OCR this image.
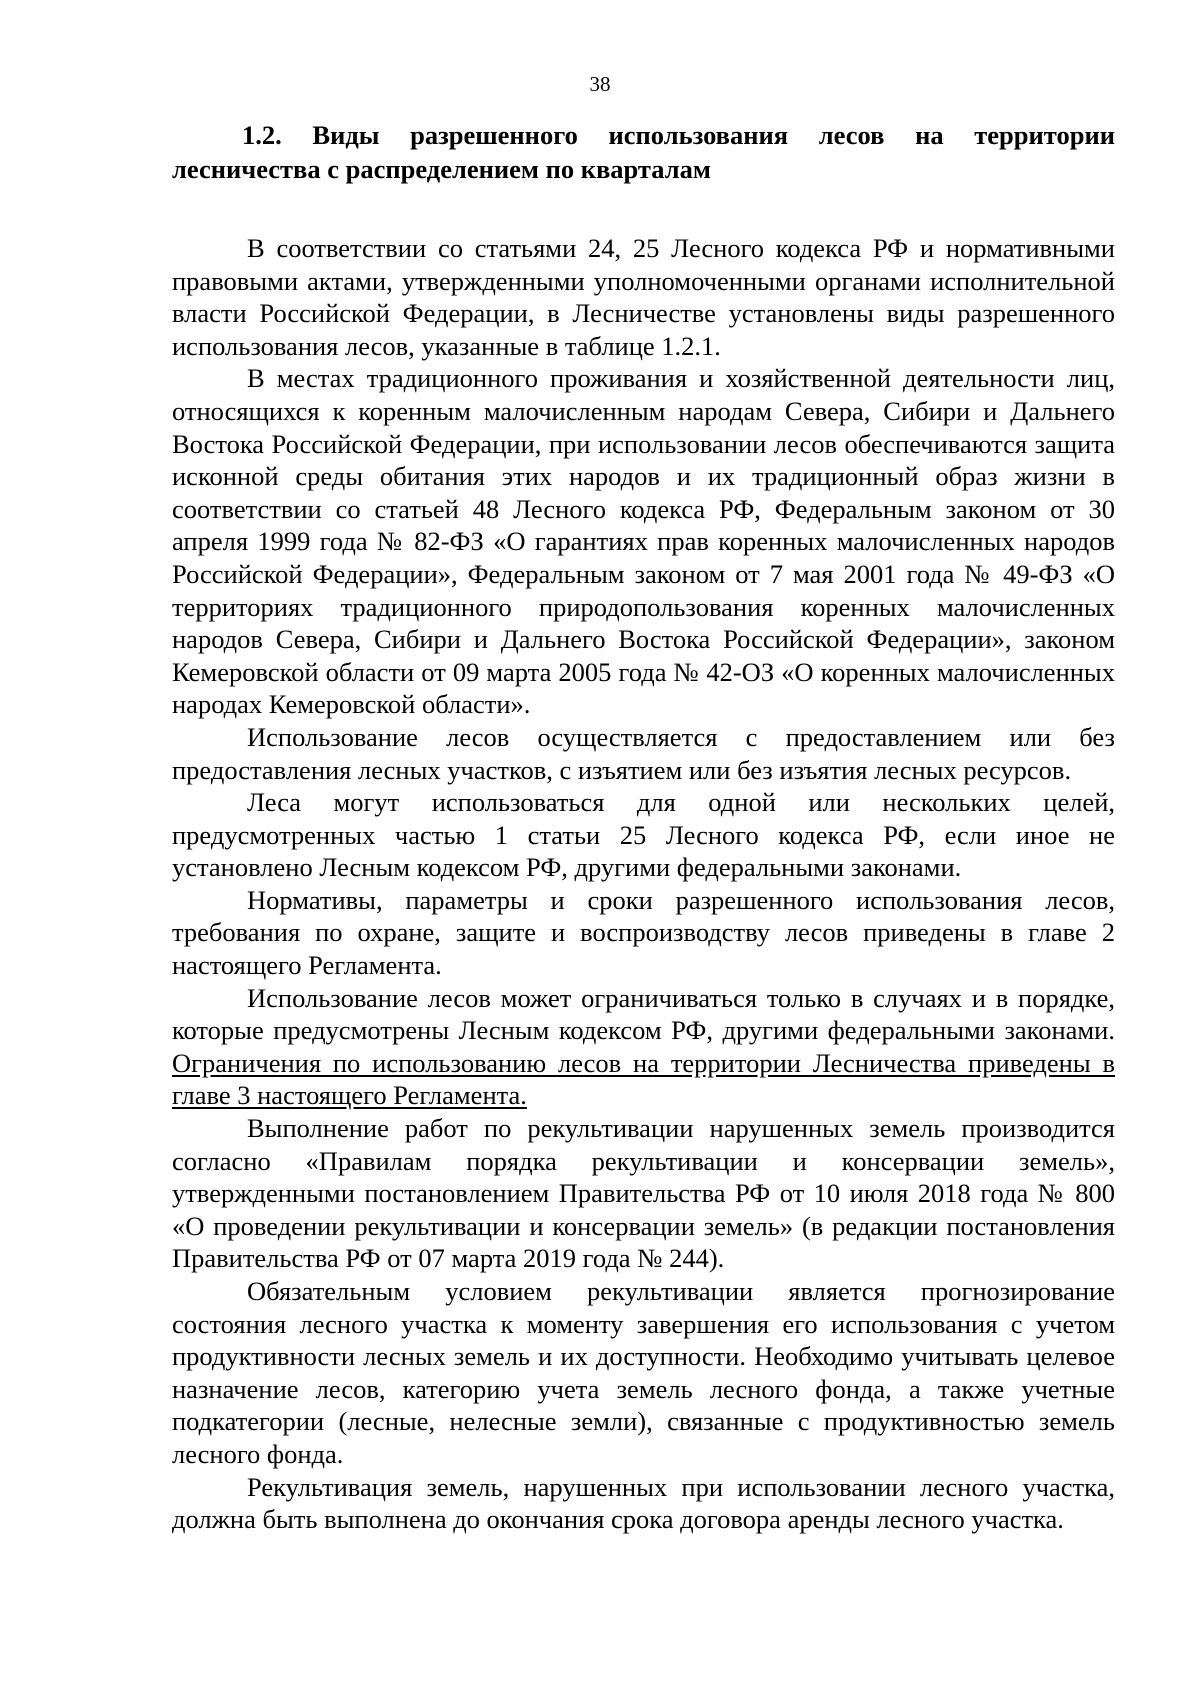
38
1.2. Виды разрешенного использования лесов на территории лесничества с распределением по кварталам

В соответствии со статьями 24, 25 Лесного кодекса РФ и нормативными правовыми актами, утвержденными уполномоченными органами исполнительной власти Российской Федерации, в Лесничестве установлены виды разрешенного использования лесов, указанные в таблице 1.2.1.

В местах традиционного проживания и хозяйственной деятельности лиц, относящихся к коренным малочисленным народам Севера, Сибири и Дальнего Востока Российской Федерации, при использовании лесов обеспечиваются защита исконной среды обитания этих народов и их традиционный образ жизни в соответствии со статьей 48 Лесного кодекса РФ, Федеральным законом от 30 апреля 1999 года № 82-ФЗ «О гарантиях прав коренных малочисленных народов Российской Федерации», Федеральным законом от 7 мая 2001 года № 49-ФЗ «О территориях традиционного природопользования коренных малочисленных народов Севера, Сибири и Дальнего Востока Российской Федерации», законом Кемеровской области от 09 марта 2005 года № 42-ОЗ «О коренных малочисленных народах Кемеровской области».

Использование лесов осуществляется с предоставлением или без предоставления лесных участков, с изъятием или без изъятия лесных ресурсов.

Леса могут использоваться для одной или нескольких целей, предусмотренных частью 1 статьи 25 Лесного кодекса РФ, если иное не установлено Лесным кодексом РФ, другими федеральными законами.

Нормативы, параметры и сроки разрешенного использования лесов, требования по охране, защите и воспроизводству лесов приведены в главе 2 настоящего Регламента.

Использование лесов может ограничиваться только в случаях и в порядке, которые предусмотрены Лесным кодексом РФ, другими федеральными законами. Ограничения по использованию лесов на территории Лесничества приведены в главе 3 настоящего Регламента.

Выполнение работ по рекультивации нарушенных земель производится согласно «Правилам порядка рекультивации и консервации земель», утвержденными постановлением Правительства РФ от 10 июля 2018 года № 800 «О проведении рекультивации и консервации земель» (в редакции постановления Правительства РФ от 07 марта 2019 года № 244).

Обязательным условием рекультивации является прогнозирование состояния лесного участка к моменту завершения его использования с учетом продуктивности лесных земель и их доступности. Необходимо учитывать целевое назначение лесов, категорию учета земель лесного фонда, а также учетные подкатегории (лесные, нелесные земли), связанные с продуктивностью земель лесного фонда.

Рекультивация земель, нарушенных при использовании лесного участка, должна быть выполнена до окончания срока договора аренды лесного участка.
